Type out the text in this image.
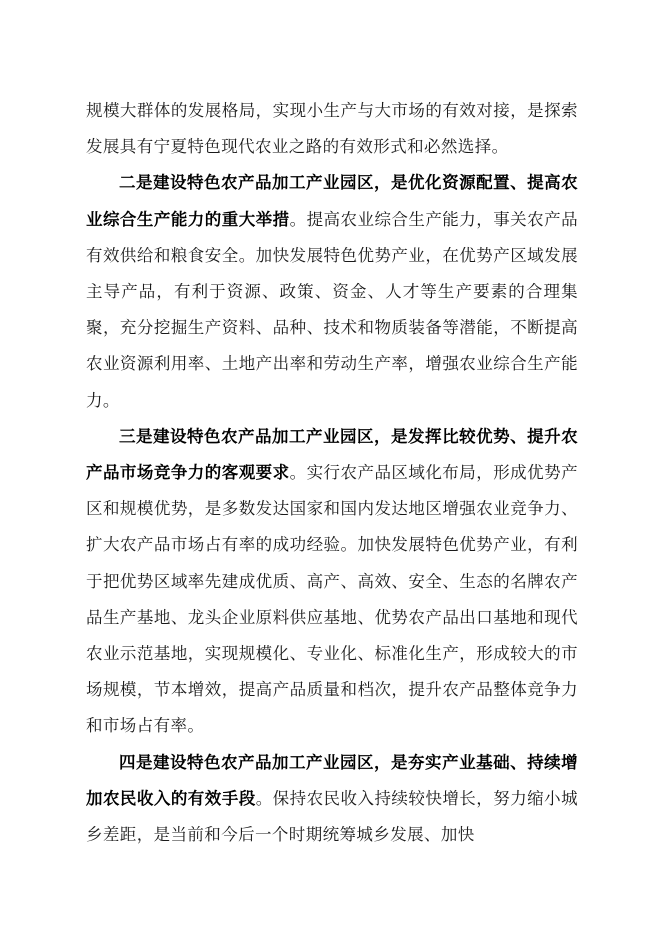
规模大群体的发展格局，实现小生产与大市场的有效对接，是探索发展具有宁夏特色现代农业之路的有效形式和必然选择。

二是建设特色农产品加工产业园区，是优化资源配置、提高农业综合生产能力的重大举措。提高农业综合生产能力，事关农产品有效供给和粮食安全。加快发展特色优势产业，在优势产区域发展主导产品，有利于资源、政策、资金、人才等生产要素的合理集聚，充分挖掘生产资料、品种、技术和物质装备等潜能，不断提高农业资源利用率、土地产出率和劳动生产率，增强农业综合生产能力。

三是建设特色农产品加工产业园区，是发挥比较优势、提升农产品市场竞争力的客观要求。实行农产品区域化布局，形成优势产区和规模优势，是多数发达国家和国内发达地区增强农业竞争力、扩大农产品市场占有率的成功经验。加快发展特色优势产业，有利于把优势区域率先建成优质、高产、高效、安全、生态的名牌农产品生产基地、龙头企业原料供应基地、优势农产品出口基地和现代农业示范基地，实现规模化、专业化、标准化生产，形成较大的市场规模，节本增效，提高产品质量和档次，提升农产品整体竞争力和市场占有率。

四是建设特色农产品加工产业园区，是夯实产业基础、持续增加农民收入的有效手段。保持农民收入持续较快增长，努力缩小城乡差距，是当前和今后一个时期统筹城乡发展、加快
